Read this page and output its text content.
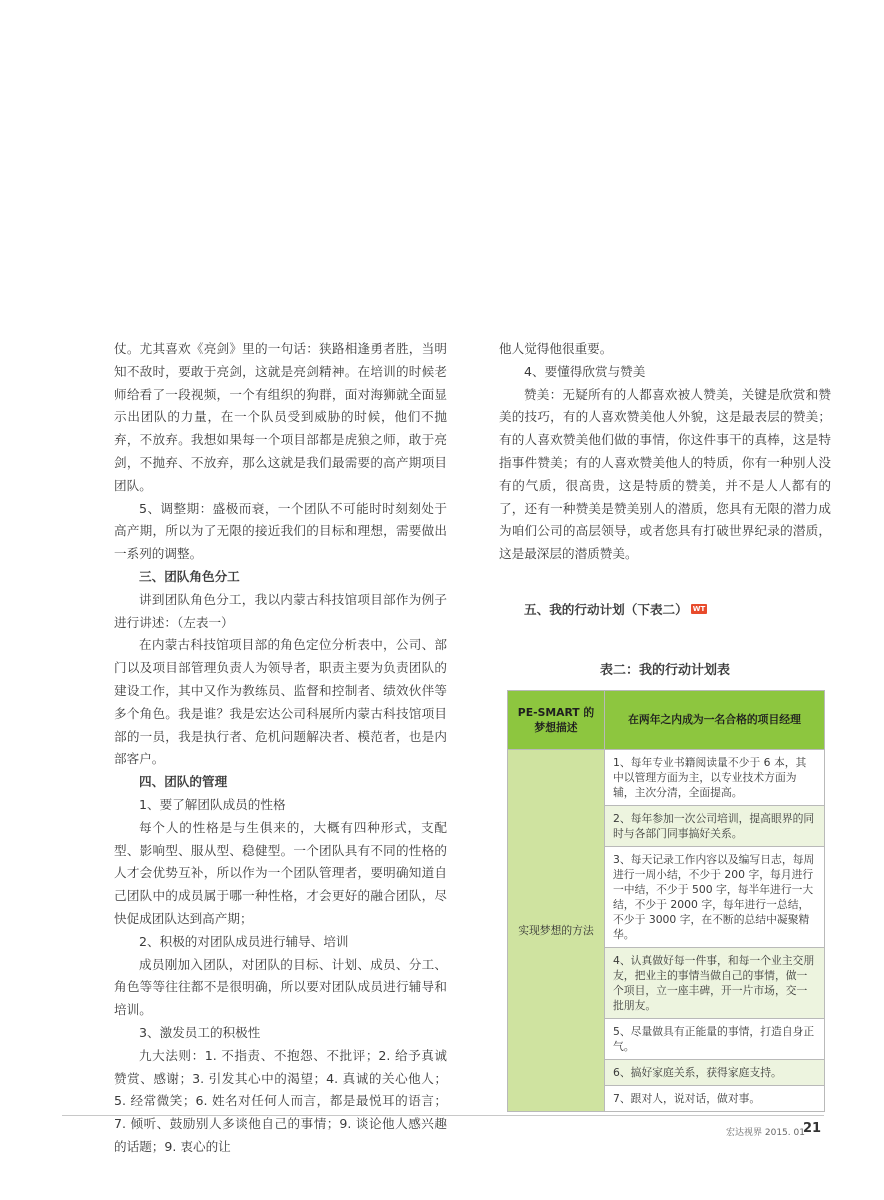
仗。尤其喜欢《亮剑》里的一句话：狭路相逢勇者胜，当明知不敌时，要敢于亮剑，这就是亮剑精神。在培训的时候老师给看了一段视频，一个有组织的狗群，面对海狮就全面显示出团队的力量，在一个队员受到威胁的时候，他们不抛弃，不放弃。我想如果每一个项目部都是虎狼之师，敢于亮剑，不抛弃、不放弃，那么这就是我们最需要的高产期项目团队。

5、调整期：盛极而衰，一个团队不可能时时刻刻处于高产期，所以为了无限的接近我们的目标和理想，需要做出一系列的调整。

三、团队角色分工

讲到团队角色分工，我以内蒙古科技馆项目部作为例子进行讲述：（左表一）

在内蒙古科技馆项目部的角色定位分析表中，公司、部门以及项目部管理负责人为领导者，职责主要为负责团队的建设工作，其中又作为教练员、监督和控制者、绩效伙伴等多个角色。我是谁？我是宏达公司科展所内蒙古科技馆项目部的一员，我是执行者、危机问题解决者、模范者，也是内部客户。

四、团队的管理

1、要了解团队成员的性格

每个人的性格是与生俱来的，大概有四种形式，支配型、影响型、服从型、稳健型。一个团队具有不同的性格的人才会优势互补，所以作为一个团队管理者，要明确知道自己团队中的成员属于哪一种性格，才会更好的融合团队，尽快促成团队达到高产期；

2、积极的对团队成员进行辅导、培训

成员刚加入团队，对团队的目标、计划、成员、分工、角色等等往往都不是很明确，所以要对团队成员进行辅导和培训。

3、激发员工的积极性

九大法则：1. 不指责、不抱怨、不批评；2. 给予真诚赞赏、感谢；3. 引发其心中的渴望；4. 真诚的关心他人；5. 经常微笑；6. 姓名对任何人而言，都是最悦耳的语言；7. 倾听、鼓励别人多谈他自己的事情；9. 谈论他人感兴趣的话题；9. 衷心的让

他人觉得他很重要。

4、要懂得欣赏与赞美

赞美：无疑所有的人都喜欢被人赞美，关键是欣赏和赞美的技巧，有的人喜欢赞美他人外貌，这是最表层的赞美；有的人喜欢赞美他们做的事情，你这件事干的真棒，这是特指事件赞美；有的人喜欢赞美他人的特质，你有一种别人没有的气质，很高贵，这是特质的赞美，并不是人人都有的了，还有一种赞美是赞美别人的潜质，您具有无限的潜力成为咱们公司的高层领导，或者您具有打破世界纪录的潜质，这是最深层的潜质赞美。

五、我的行动计划（下表二） WT

表二：我的行动计划表
PE-SMART 的梦想描述	在两年之内成为一名合格的项目经理
实现梦想的方法	1、每年专业书籍阅读量不少于 6 本，其中以管理方面为主，以专业技术方面为辅，主次分清，全面提高。
	2、每年参加一次公司培训，提高眼界的同时与各部门同事搞好关系。
	3、每天记录工作内容以及编写日志，每周进行一周小结，不少于 200 字，每月进行一中结，不少于 500 字，每半年进行一大结，不少于 2000 字，每年进行一总结，不少于 3000 字，在不断的总结中凝聚精华。
	4、认真做好每一件事，和每一个业主交朋友，把业主的事情当做自己的事情，做一个项目，立一座丰碑，开一片市场，交一批朋友。
	5、尽量做具有正能量的事情，打造自身正气。
	6、搞好家庭关系，获得家庭支持。
	7、跟对人，说对话，做对事。
宏达视界 2015. 01
21
